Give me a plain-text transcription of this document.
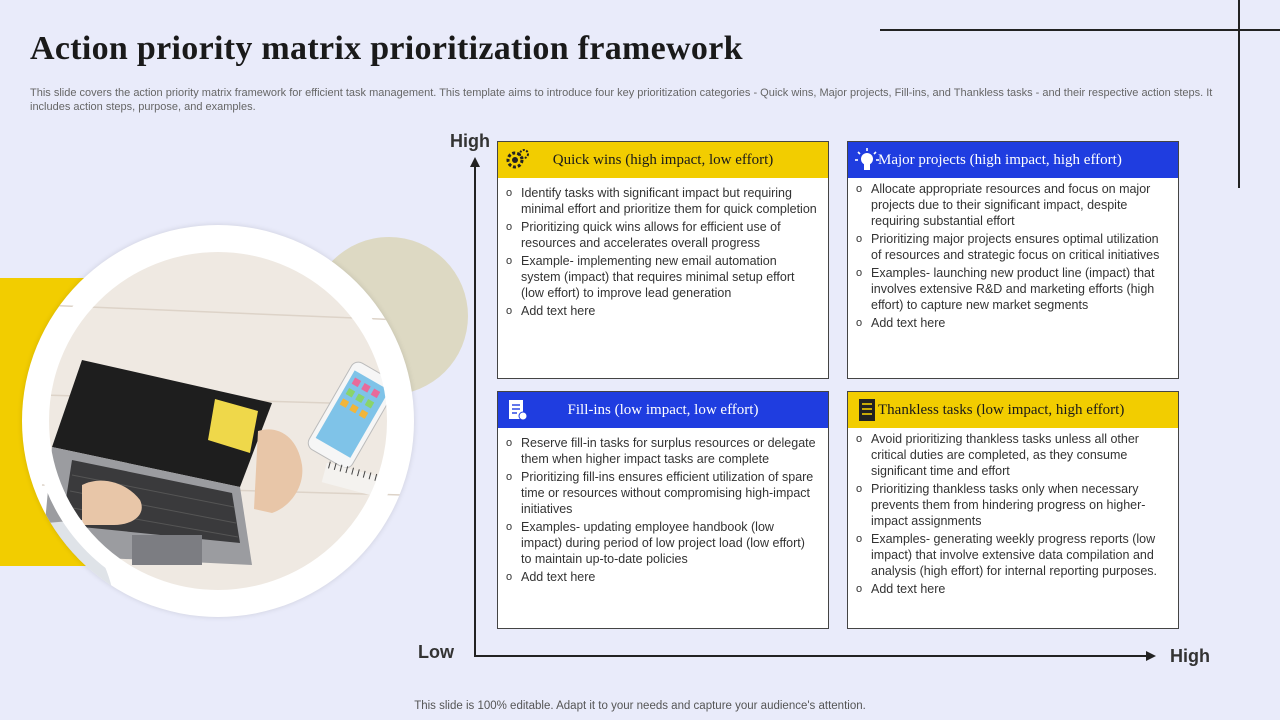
Action priority matrix prioritization framework

This slide covers the action priority matrix framework for efficient task management. This template aims to introduce four key prioritization categories - Quick wins, Major projects, Fill-ins, and Thankless tasks - and their respective action steps. It includes action steps, purpose, and examples.

High
Low	High
Quick wins (high impact, low effort)
o Identify tasks with significant impact but requiring minimal effort and prioritize them for quick completion
o Prioritizing quick wins allows for efficient use of resources and accelerates overall progress
o Example- implementing new email automation system (impact) that requires minimal setup effort (low effort) to improve lead generation
o Add text here
Major projects (high impact, high effort)
o Allocate appropriate resources and focus on major projects due to their significant impact, despite requiring substantial effort
o Prioritizing major projects ensures optimal utilization of resources and strategic focus on critical initiatives
o Examples- launching new product line (impact) that involves extensive R&D and marketing efforts (high effort) to capture new market segments
o Add text here
Fill-ins (low impact, low effort)
o Reserve fill-in tasks for surplus resources or delegate them when higher impact tasks are complete
o Prioritizing fill-ins ensures efficient utilization of spare time or resources without compromising high-impact initiatives
o Examples- updating employee handbook (low impact) during period of low project load (low effort) to maintain up-to-date policies
o Add text here
Thankless tasks (low impact, high effort)
o Avoid prioritizing thankless tasks unless all other critical duties are completed, as they consume significant time and effort
o Prioritizing thankless tasks only when necessary prevents them from hindering progress on higher-impact assignments
o Examples- generating weekly progress reports (low impact) that involve extensive data compilation and analysis (high effort) for internal reporting purposes.
o Add text here
This slide is 100% editable. Adapt it to your needs and capture your audience's attention.
